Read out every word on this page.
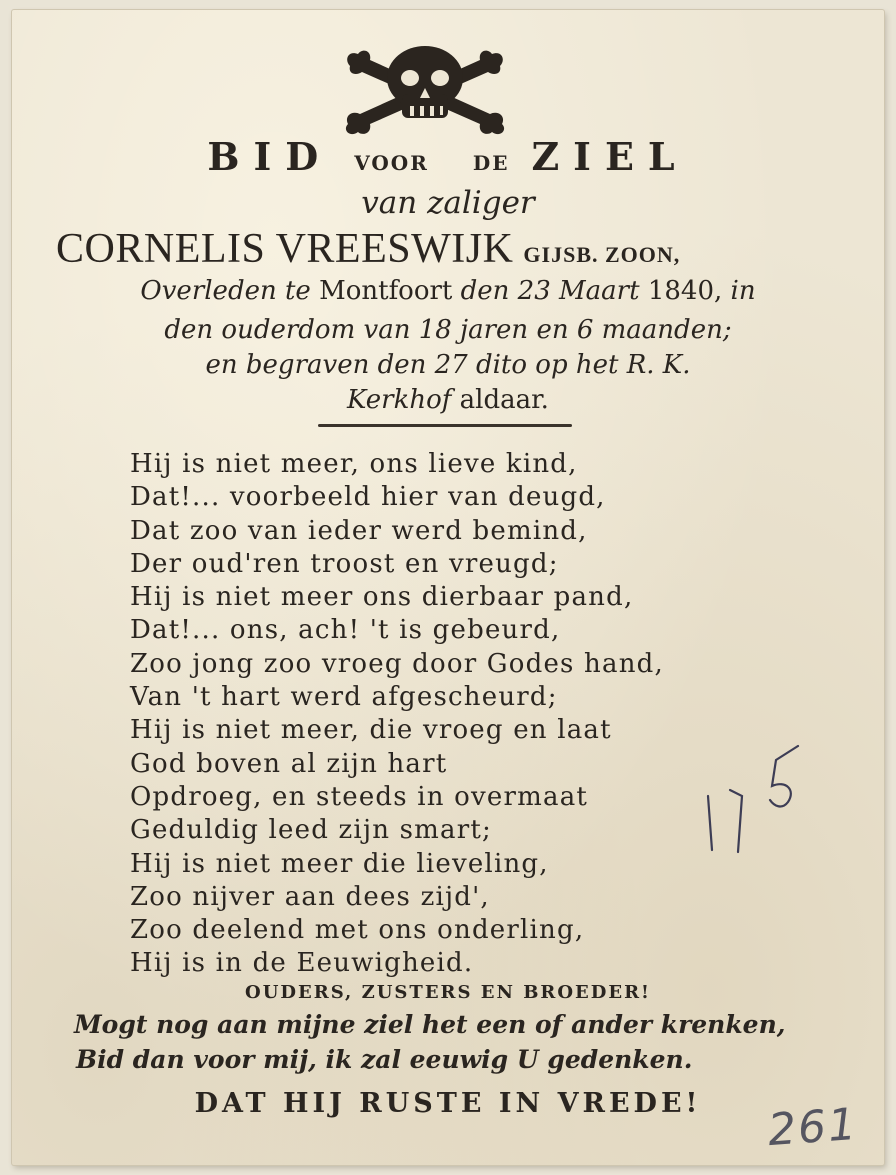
BID VOOR DE ZIEL
van zaliger
CORNELIS VREESWIJK GIJSB. ZOON,
Overleden te Montfoort den 23 Maart 1840, in
den ouderdom van 18 jaren en 6 maanden;
en begraven den 27 dito op het R. K.
Kerkhof aldaar.
Hij is niet meer, ons lieve kind,
Dat!... voorbeeld hier van deugd,
Dat zoo van ieder werd bemind,
Der oud'ren troost en vreugd;
Hij is niet meer ons dierbaar pand,
Dat!... ons, ach! 't is gebeurd,
Zoo jong zoo vroeg door Godes hand,
Van 't hart werd afgescheurd;
Hij is niet meer, die vroeg en laat
God boven al zijn hart
Opdroeg, en steeds in overmaat
Geduldig leed zijn smart;
Hij is niet meer die lieveling,
Zoo nijver aan dees zijd',
Zoo deelend met ons onderling,
Hij is in de Eeuwigheid.
OUDERS, ZUSTERS EN BROEDER!
Mogt nog aan mijne ziel het een of ander krenken,
Bid dan voor mij, ik zal eeuwig U gedenken.
DAT HIJ RUSTE IN VREDE!	261
